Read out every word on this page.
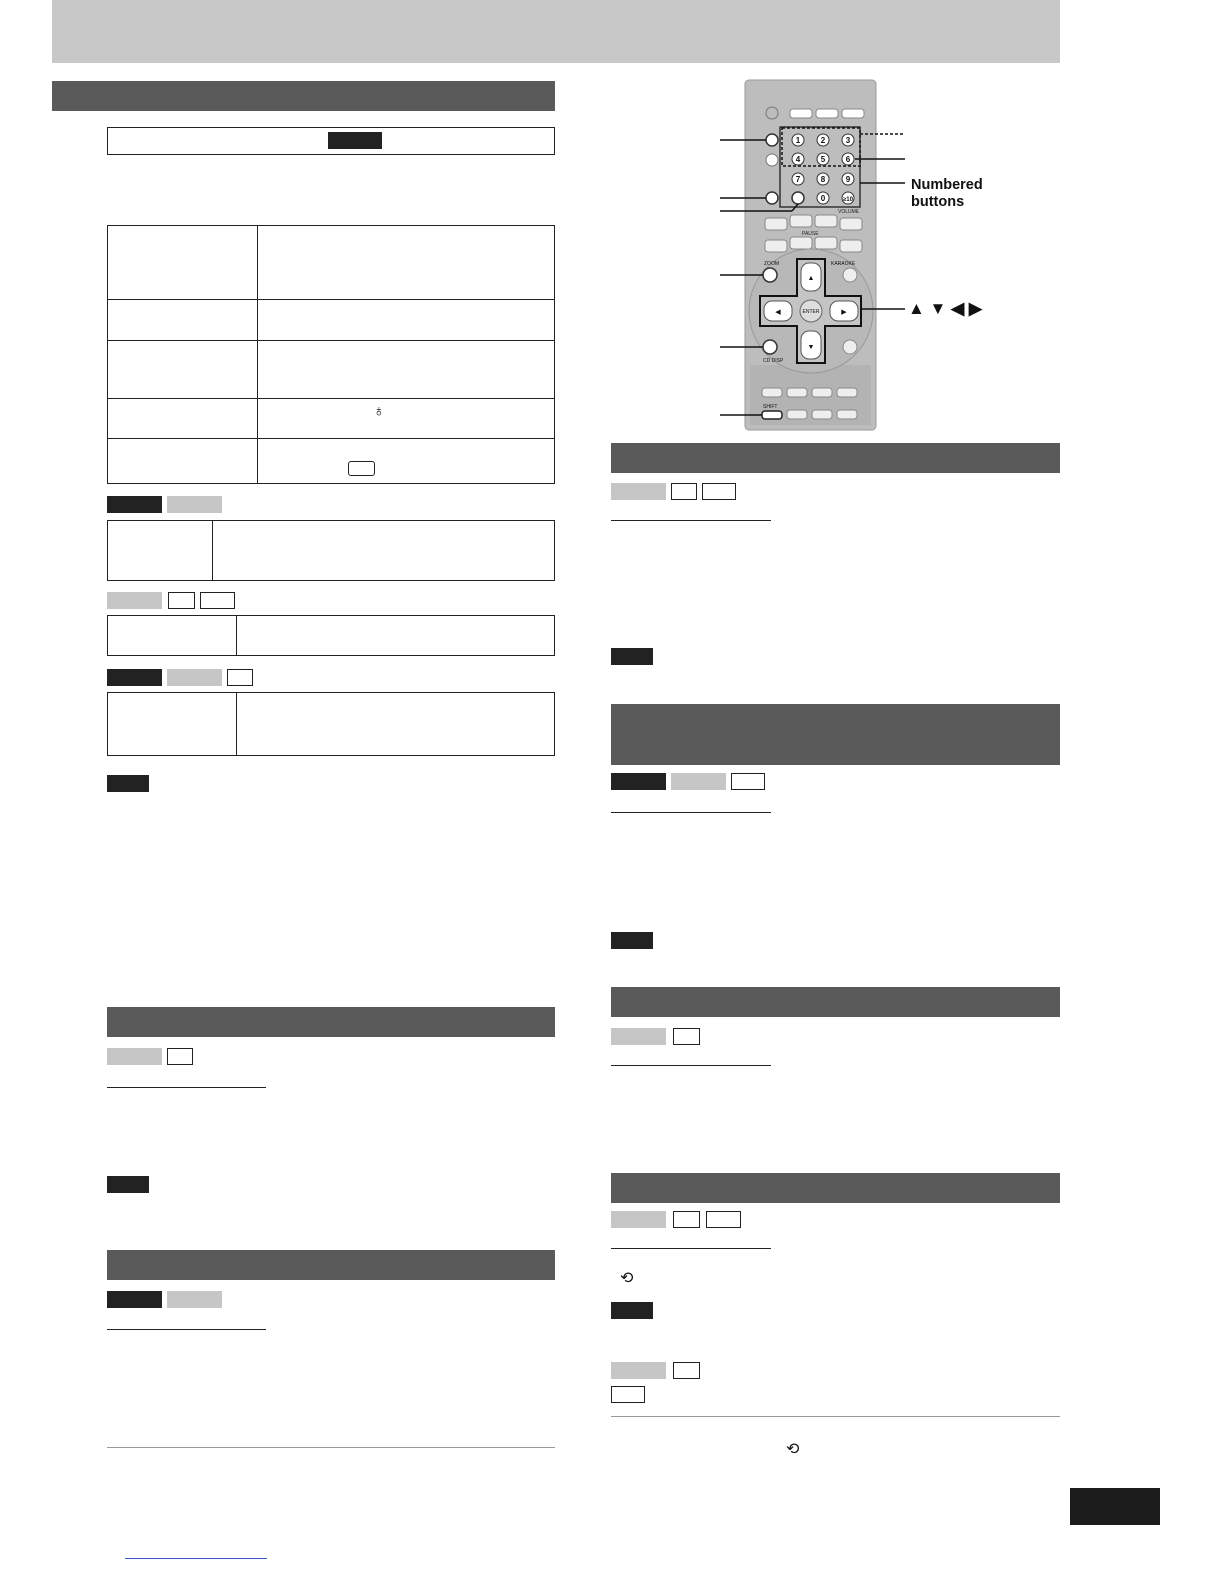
♁
1	2	3
4	5	6
7	8	9
0	≥10
VOLUME
PAUSE
▲
▼
◀	▶
ENTER
ZOOM	KARAOKE
CD DISP
SHIFT
Numbered
buttons
▲ ▼ ◀ ▶
⟲
⟲
